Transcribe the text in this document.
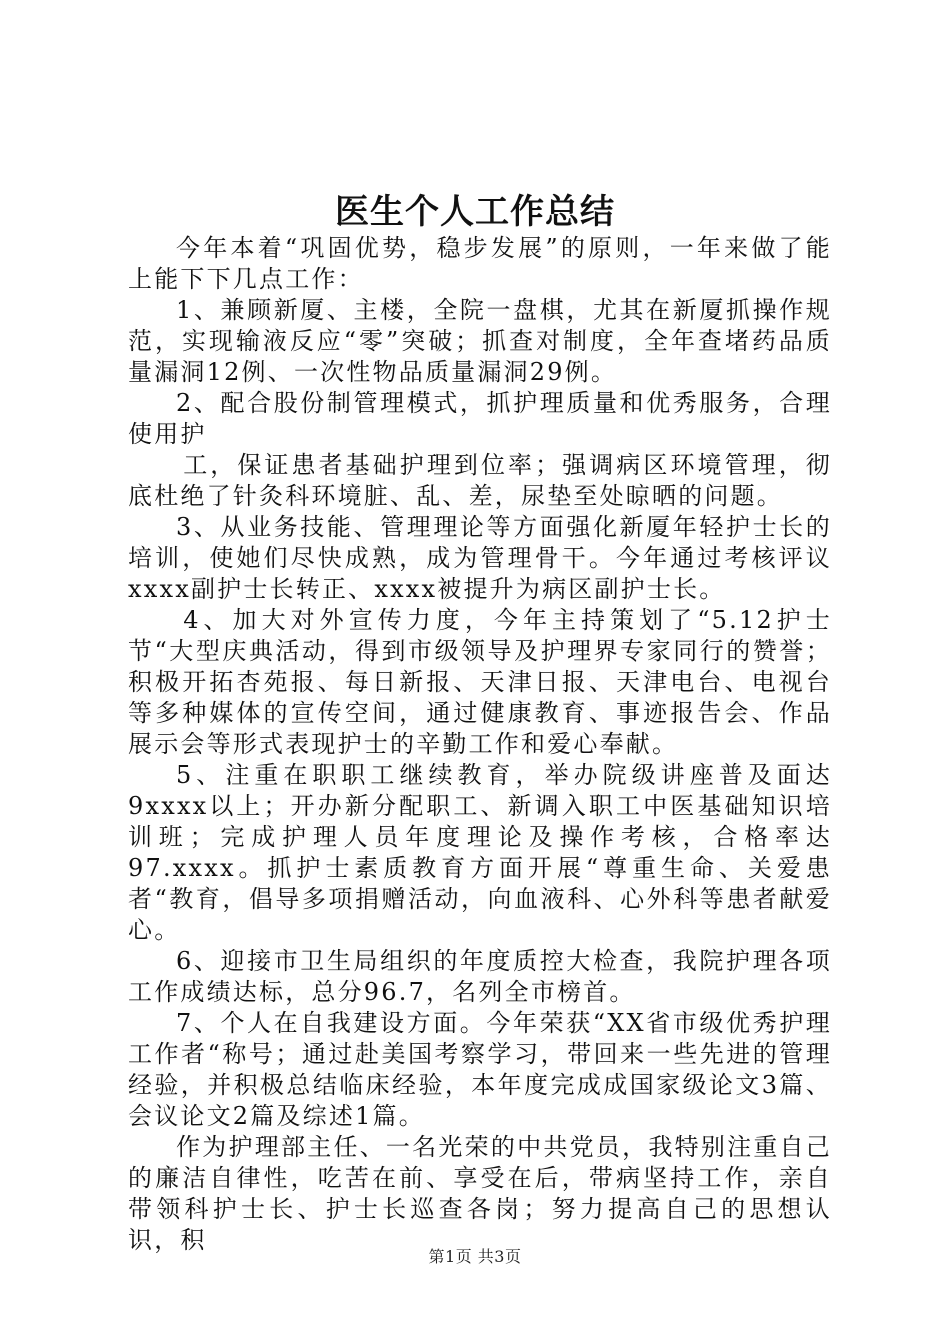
医生个人工作总结

今年本着“巩固优势，稳步发展”的原则，一年来做了能上能下下几点工作：

1、兼顾新厦、主楼，全院一盘棋，尤其在新厦抓操作规范，实现输液反应“零”突破；抓查对制度，全年查堵药品质量漏洞12例、一次性物品质量漏洞29例。

2、配合股份制管理模式，抓护理质量和优秀服务，合理使用护

工，保证患者基础护理到位率；强调病区环境管理，彻底杜绝了针灸科环境脏、乱、差，尿垫至处晾晒的问题。

3、从业务技能、管理理论等方面强化新厦年轻护士长的培训，使她们尽快成熟，成为管理骨干。今年通过考核评议xxxx副护士长转正、xxxx被提升为病区副护士长。

4、加大对外宣传力度，今年主持策划了“5.12护士节“大型庆典活动，得到市级领导及护理界专家同行的赞誉；积极开拓杏苑报、每日新报、天津日报、天津电台、电视台等多种媒体的宣传空间，通过健康教育、事迹报告会、作品展示会等形式表现护士的辛勤工作和爱心奉献。

5、注重在职职工继续教育，举办院级讲座普及面达9xxxx以上；开办新分配职工、新调入职工中医基础知识培训班；完成护理人员年度理论及操作考核，合格率达97.xxxx。抓护士素质教育方面开展“尊重生命、关爱患者“教育，倡导多项捐赠活动，向血液科、心外科等患者献爱心。

6、迎接市卫生局组织的年度质控大检查，我院护理各项工作成绩达标，总分96.7，名列全市榜首。

7、个人在自我建设方面。今年荣获“XX省市级优秀护理工作者“称号；通过赴美国考察学习，带回来一些先进的管理经验，并积极总结临床经验，本年度完成成国家级论文3篇、会议论文2篇及综述1篇。

作为护理部主任、一名光荣的中共党员，我特别注重自己的廉洁自律性，吃苦在前、享受在后，带病坚持工作，亲自带领科护士长、护士长巡查各岗；努力提高自己的思想认识，积

第1页 共3页
